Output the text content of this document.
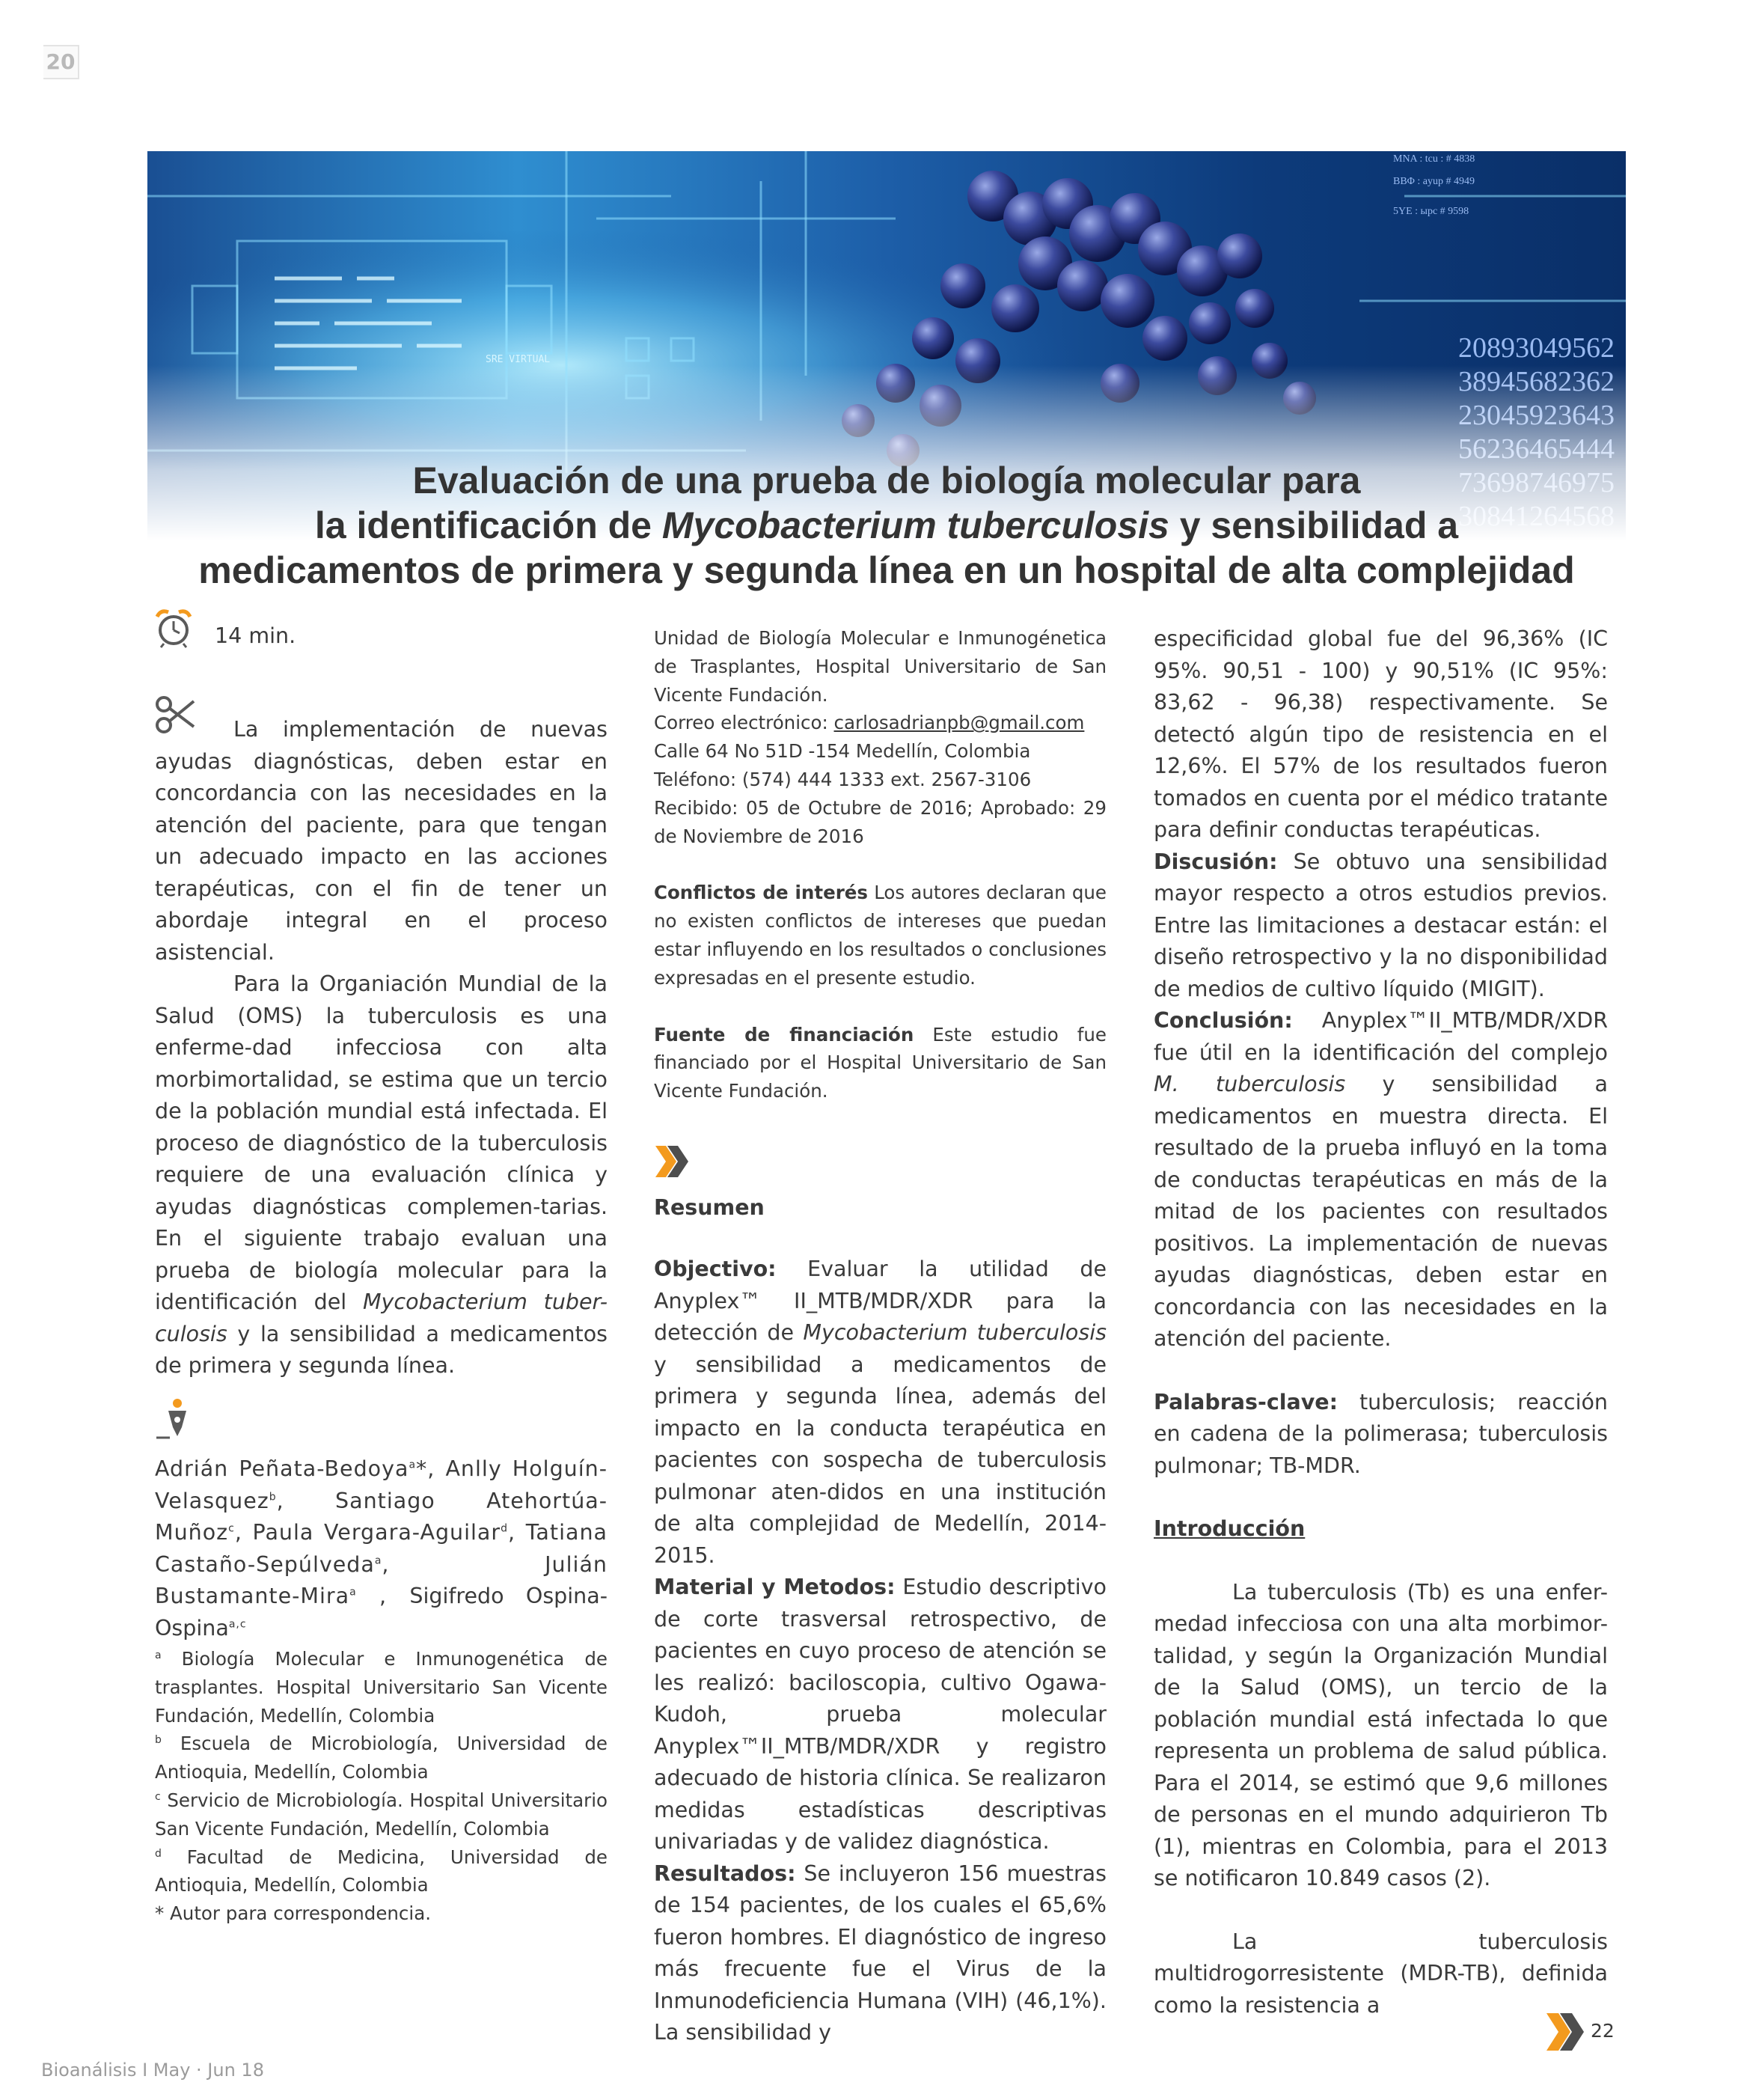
20
Evaluación de una prueba de biología molecular para
la identificación de Mycobacterium tuberculosis y sensibilidad a
medicamentos de primera y segunda línea en un hospital de alta complejidad
14 min.
La implementación de nuevas ayudas diagnósticas, deben estar en concordancia con las necesidades en la atención del paciente, para que tengan un adecuado impacto en las acciones terapéuticas, con el fin de tener un abordaje integral en el proceso asistencial.
Para la Organiación Mundial de la Salud (OMS) la tuberculosis es una enferme-dad infecciosa con alta morbimortalidad, se estima que un tercio de la población mundial está infectada. El proceso de diagnóstico de la tuberculosis requiere de una evaluación clínica y ayudas diagnósticas complemen-tarias. En el siguiente trabajo evaluan una prueba de biología molecular para la identificación del Mycobacterium tuber-culosis y la sensibilidad a medicamentos de primera y segunda línea.
Adrián Peñata-Bedoya$^a$*, Anlly Holguín-Velasquez$^b$, Santiago Atehortúa-Muñoz$^c$, Paula Vergara-Aguilar$^d$, Tatiana Castaño-Sepúlveda$^a$, Julián Bustamante-Mira$^a$ , Sigifredo Ospina-Ospina$^{a,c}$
$^a$ Biología Molecular e Inmunogenética de trasplantes. Hospital Universitario San Vicente Fundación, Medellín, Colombia
$^b$ Escuela de Microbiología, Universidad de Antioquia, Medellín, Colombia
$^c$ Servicio de Microbiología. Hospital Universitario San Vicente Fundación, Medellín, Colombia
$^d$ Facultad de Medicina, Universidad de Antioquia, Medellín, Colombia
* Autor para correspondencia.
Unidad de Biología Molecular e Inmunogénetica de Trasplantes, Hospital Universitario de San Vicente Fundación.
Correo electrónico: carlosadrianpb@gmail.com
Calle 64 No 51D -154 Medellín, Colombia
Teléfono: (574) 444 1333 ext. 2567-3106
Recibido: 05 de Octubre de 2016; Aprobado: 29 de Noviembre de 2016
Conflictos de interés Los autores declaran que no existen conflictos de intereses que puedan estar influyendo en los resultados o conclusiones expresadas en el presente estudio.
Fuente de financiación Este estudio fue financiado por el Hospital Universitario de San Vicente Fundación.
Resumen
Objectivo: Evaluar la utilidad de Anyplex™ II_MTB/MDR/XDR para la detección de Mycobacterium tuberculosis y sensibilidad a medicamentos de primera y segunda línea, además del impacto en la conducta terapéutica en pacientes con sospecha de tuberculosis pulmonar aten-didos en una institución de alta complejidad de Medellín, 2014-2015.
Material y Metodos: Estudio descriptivo de corte trasversal retrospectivo, de pacientes en cuyo proceso de atención se les realizó: baciloscopia, cultivo Ogawa- Kudoh, prueba molecular Anyplex™II_MTB/MDR/XDR y registro adecuado de historia clínica. Se realizaron medidas estadísticas descriptivas univariadas y de validez diagnóstica.
Resultados: Se incluyeron 156 muestras de 154 pacientes, de los cuales el 65,6% fueron hombres. El diagnóstico de ingreso más frecuente fue el Virus de la Inmunodeficiencia Humana (VIH) (46,1%). La sensibilidad y
especificidad global fue del 96,36% (IC 95%. 90,51 - 100) y 90,51% (IC 95%: 83,62 - 96,38) respectivamente. Se detectó algún tipo de resistencia en el 12,6%. El 57% de los resultados fueron tomados en cuenta por el médico tratante para definir conductas terapéuticas.
Discusión: Se obtuvo una sensibilidad mayor respecto a otros estudios previos. Entre las limitaciones a destacar están: el diseño retrospectivo y la no disponibilidad de medios de cultivo líquido (MIGIT).
Conclusión: Anyplex™II_MTB/MDR/XDR fue útil en la identificación del complejo M. tuberculosis y sensibilidad a medicamentos en muestra directa. El resultado de la prueba influyó en la toma de conductas terapéuticas en más de la mitad de los pacientes con resultados positivos. La implementación de nuevas ayudas diagnósticas, deben estar en concordancia con las necesidades en la atención del paciente.
Palabras-clave: tuberculosis; reacción en cadena de la polimerasa; tuberculosis pulmonar; TB-MDR.
Introducción
La tuberculosis (Tb) es una enfer-medad infecciosa con una alta morbimor-talidad, y según la Organización Mundial de la Salud (OMS), un tercio de la población mundial está infectada lo que representa un problema de salud pública. Para el 2014, se estimó que 9,6 millones de personas en el mundo adquirieron Tb (1), mientras en Colombia, para el 2013 se notificaron 10.849 casos (2).
La tuberculosis multidrogorresistente (MDR-TB), definida como la resistencia a
Bioanálisis I May · Jun 18
22
